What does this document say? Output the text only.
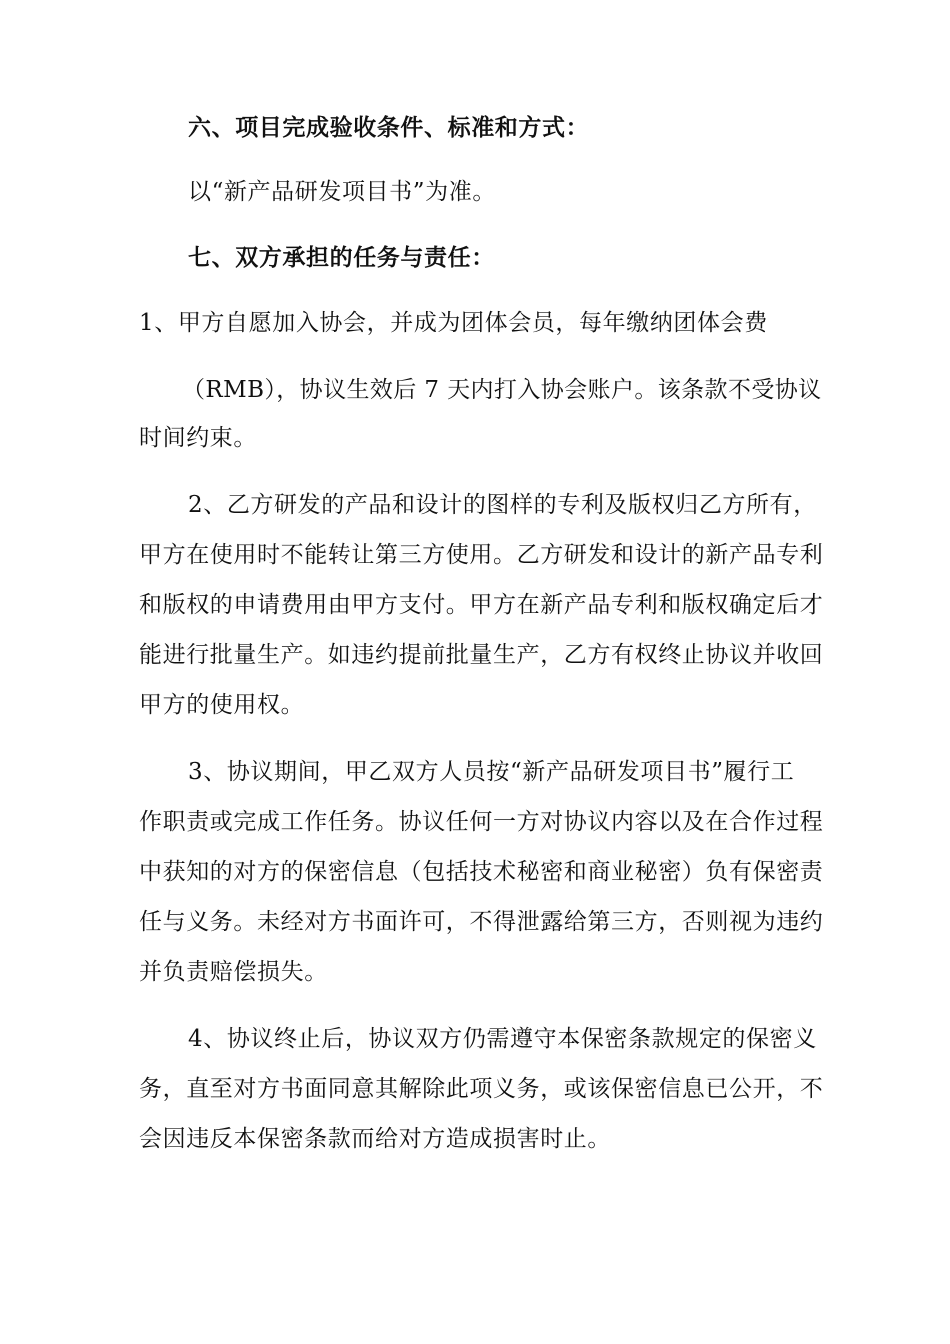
六、项目完成验收条件、标准和方式：
以“新产品研发项目书”为准。
七、双方承担的任务与责任：
1、甲方自愿加入协会，并成为团体会员，每年缴纳团体会费
（RMB），协议生效后 7 天内打入协会账户。该条款不受协议
时间约束。
2、乙方研发的产品和设计的图样的专利及版权归乙方所有，
甲方在使用时不能转让第三方使用。乙方研发和设计的新产品专利
和版权的申请费用由甲方支付。甲方在新产品专利和版权确定后才
能进行批量生产。如违约提前批量生产，乙方有权终止协议并收回
甲方的使用权。
3、协议期间，甲乙双方人员按“新产品研发项目书”履行工
作职责或完成工作任务。协议任何一方对协议内容以及在合作过程
中获知的对方的保密信息（包括技术秘密和商业秘密）负有保密责
任与义务。未经对方书面许可，不得泄露给第三方，否则视为违约
并负责赔偿损失。
4、协议终止后，协议双方仍需遵守本保密条款规定的保密义
务，直至对方书面同意其解除此项义务，或该保密信息已公开，不
会因违反本保密条款而给对方造成损害时止。
